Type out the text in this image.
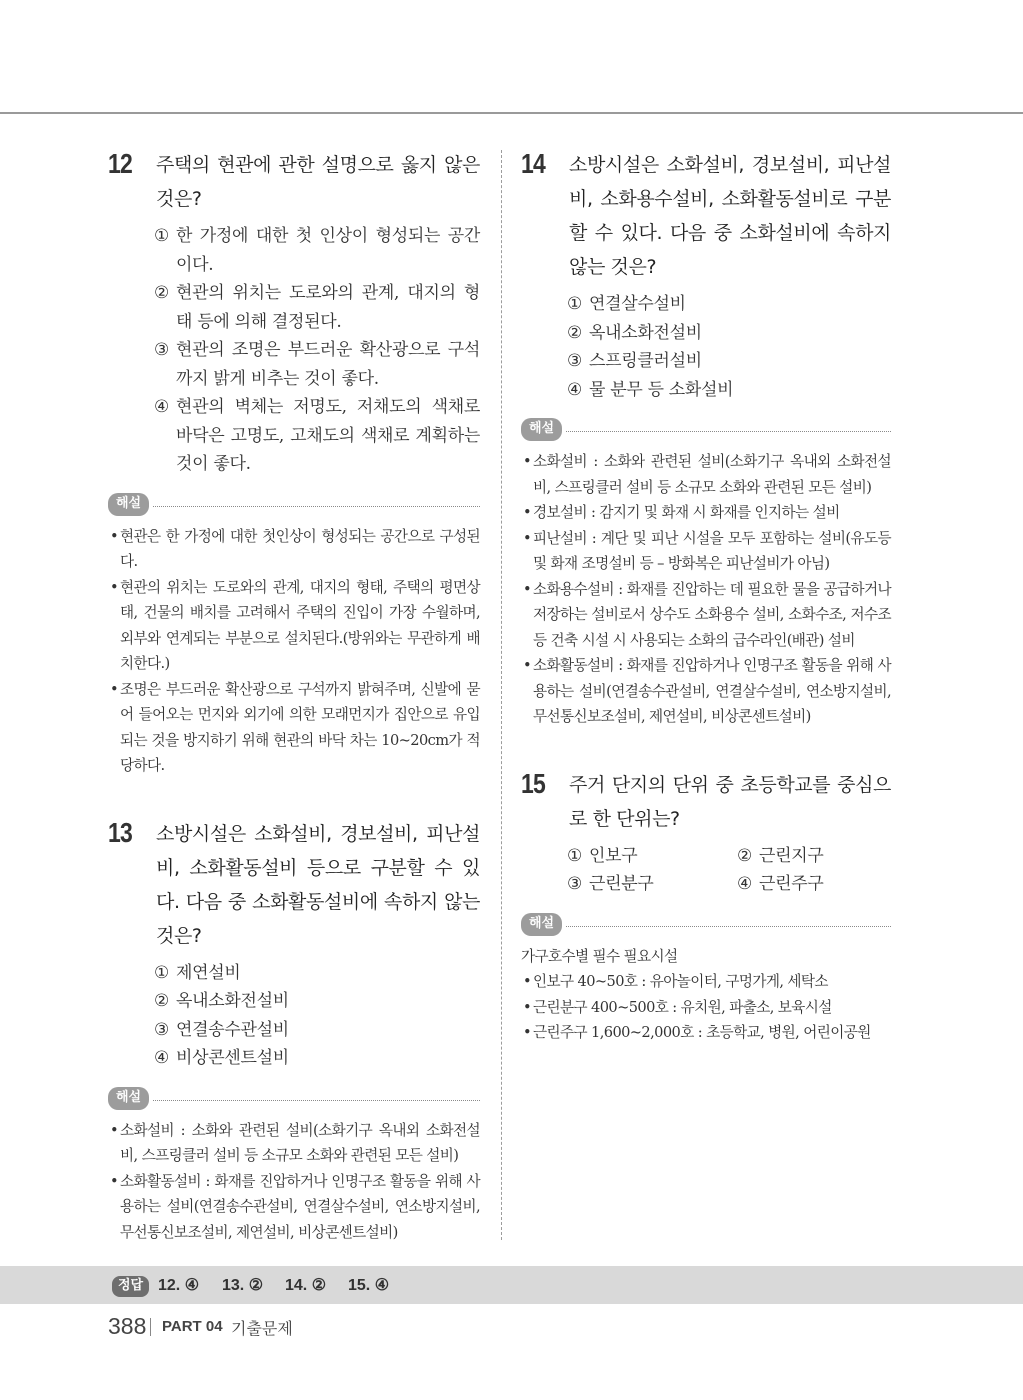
12	주택의 현관에 관한 설명으로 옳지 않은 것은?
① 한 가정에 대한 첫 인상이 형성되는 공간이다.
② 현관의 위치는 도로와의 관계, 대지의 형태 등에 의해 결정된다.
③ 현관의 조명은 부드러운 확산광으로 구석까지 밝게 비추는 것이 좋다.
④ 현관의 벽체는 저명도, 저채도의 색채로 바닥은 고명도, 고채도의 색채로 계획하는 것이 좋다.
해설
• 현관은 한 가정에 대한 첫인상이 형성되는 공간으로 구성된다.
• 현관의 위치는 도로와의 관계, 대지의 형태, 주택의 평면상태, 건물의 배치를 고려해서 주택의 진입이 가장 수월하며, 외부와 연계되는 부분으로 설치된다.(방위와는 무관하게 배치한다.)
• 조명은 부드러운 확산광으로 구석까지 밝혀주며, 신발에 묻어 들어오는 먼지와 외기에 의한 모래먼지가 집안으로 유입되는 것을 방지하기 위해 현관의 바닥 차는 10~20cm가 적당하다.
13	소방시설은 소화설비, 경보설비, 피난설비, 소화활동설비 등으로 구분할 수 있다. 다음 중 소화활동설비에 속하지 않는 것은?
① 제연설비
② 옥내소화전설비
③ 연결송수관설비
④ 비상콘센트설비
해설
• 소화설비 : 소화와 관련된 설비(소화기구 옥내외 소화전설비, 스프링클러 설비 등 소규모 소화와 관련된 모든 설비)
• 소화활동설비 : 화재를 진압하거나 인명구조 활동을 위해 사용하는 설비(연결송수관설비, 연결살수설비, 연소방지설비, 무선통신보조설비, 제연설비, 비상콘센트설비)
14	소방시설은 소화설비, 경보설비, 피난설비, 소화용수설비, 소화활동설비로 구분할 수 있다. 다음 중 소화설비에 속하지 않는 것은?
① 연결살수설비
② 옥내소화전설비
③ 스프링클러설비
④ 물 분무 등 소화설비
해설
• 소화설비 : 소화와 관련된 설비(소화기구 옥내외 소화전설비, 스프링클러 설비 등 소규모 소화와 관련된 모든 설비)
• 경보설비 : 감지기 및 화재 시 화재를 인지하는 설비
• 피난설비 : 계단 및 피난 시설을 모두 포함하는 설비(유도등 및 화재 조명설비 등 – 방화복은 피난설비가 아님)
• 소화용수설비 : 화재를 진압하는 데 필요한 물을 공급하거나 저장하는 설비로서 상수도 소화용수 설비, 소화수조, 저수조 등 건축 시설 시 사용되는 소화의 급수라인(배관) 설비
• 소화활동설비 : 화재를 진압하거나 인명구조 활동을 위해 사용하는 설비(연결송수관설비, 연결살수설비, 연소방지설비, 무선통신보조설비, 제연설비, 비상콘센트설비)
15	주거 단지의 단위 중 초등학교를 중심으로 한 단위는?
① 인보구	② 근린지구
③ 근린분구	④ 근린주구
해설
가구호수별 필수 필요시설
• 인보구 40~50호 : 유아놀이터, 구멍가게, 세탁소
• 근린분구 400~500호 : 유치원, 파출소, 보육시설
• 근린주구 1,600~2,000호 : 초등학교, 병원, 어린이공원
정답 12. ④ 13. ② 14. ② 15. ④
388 PART 04 기출문제
